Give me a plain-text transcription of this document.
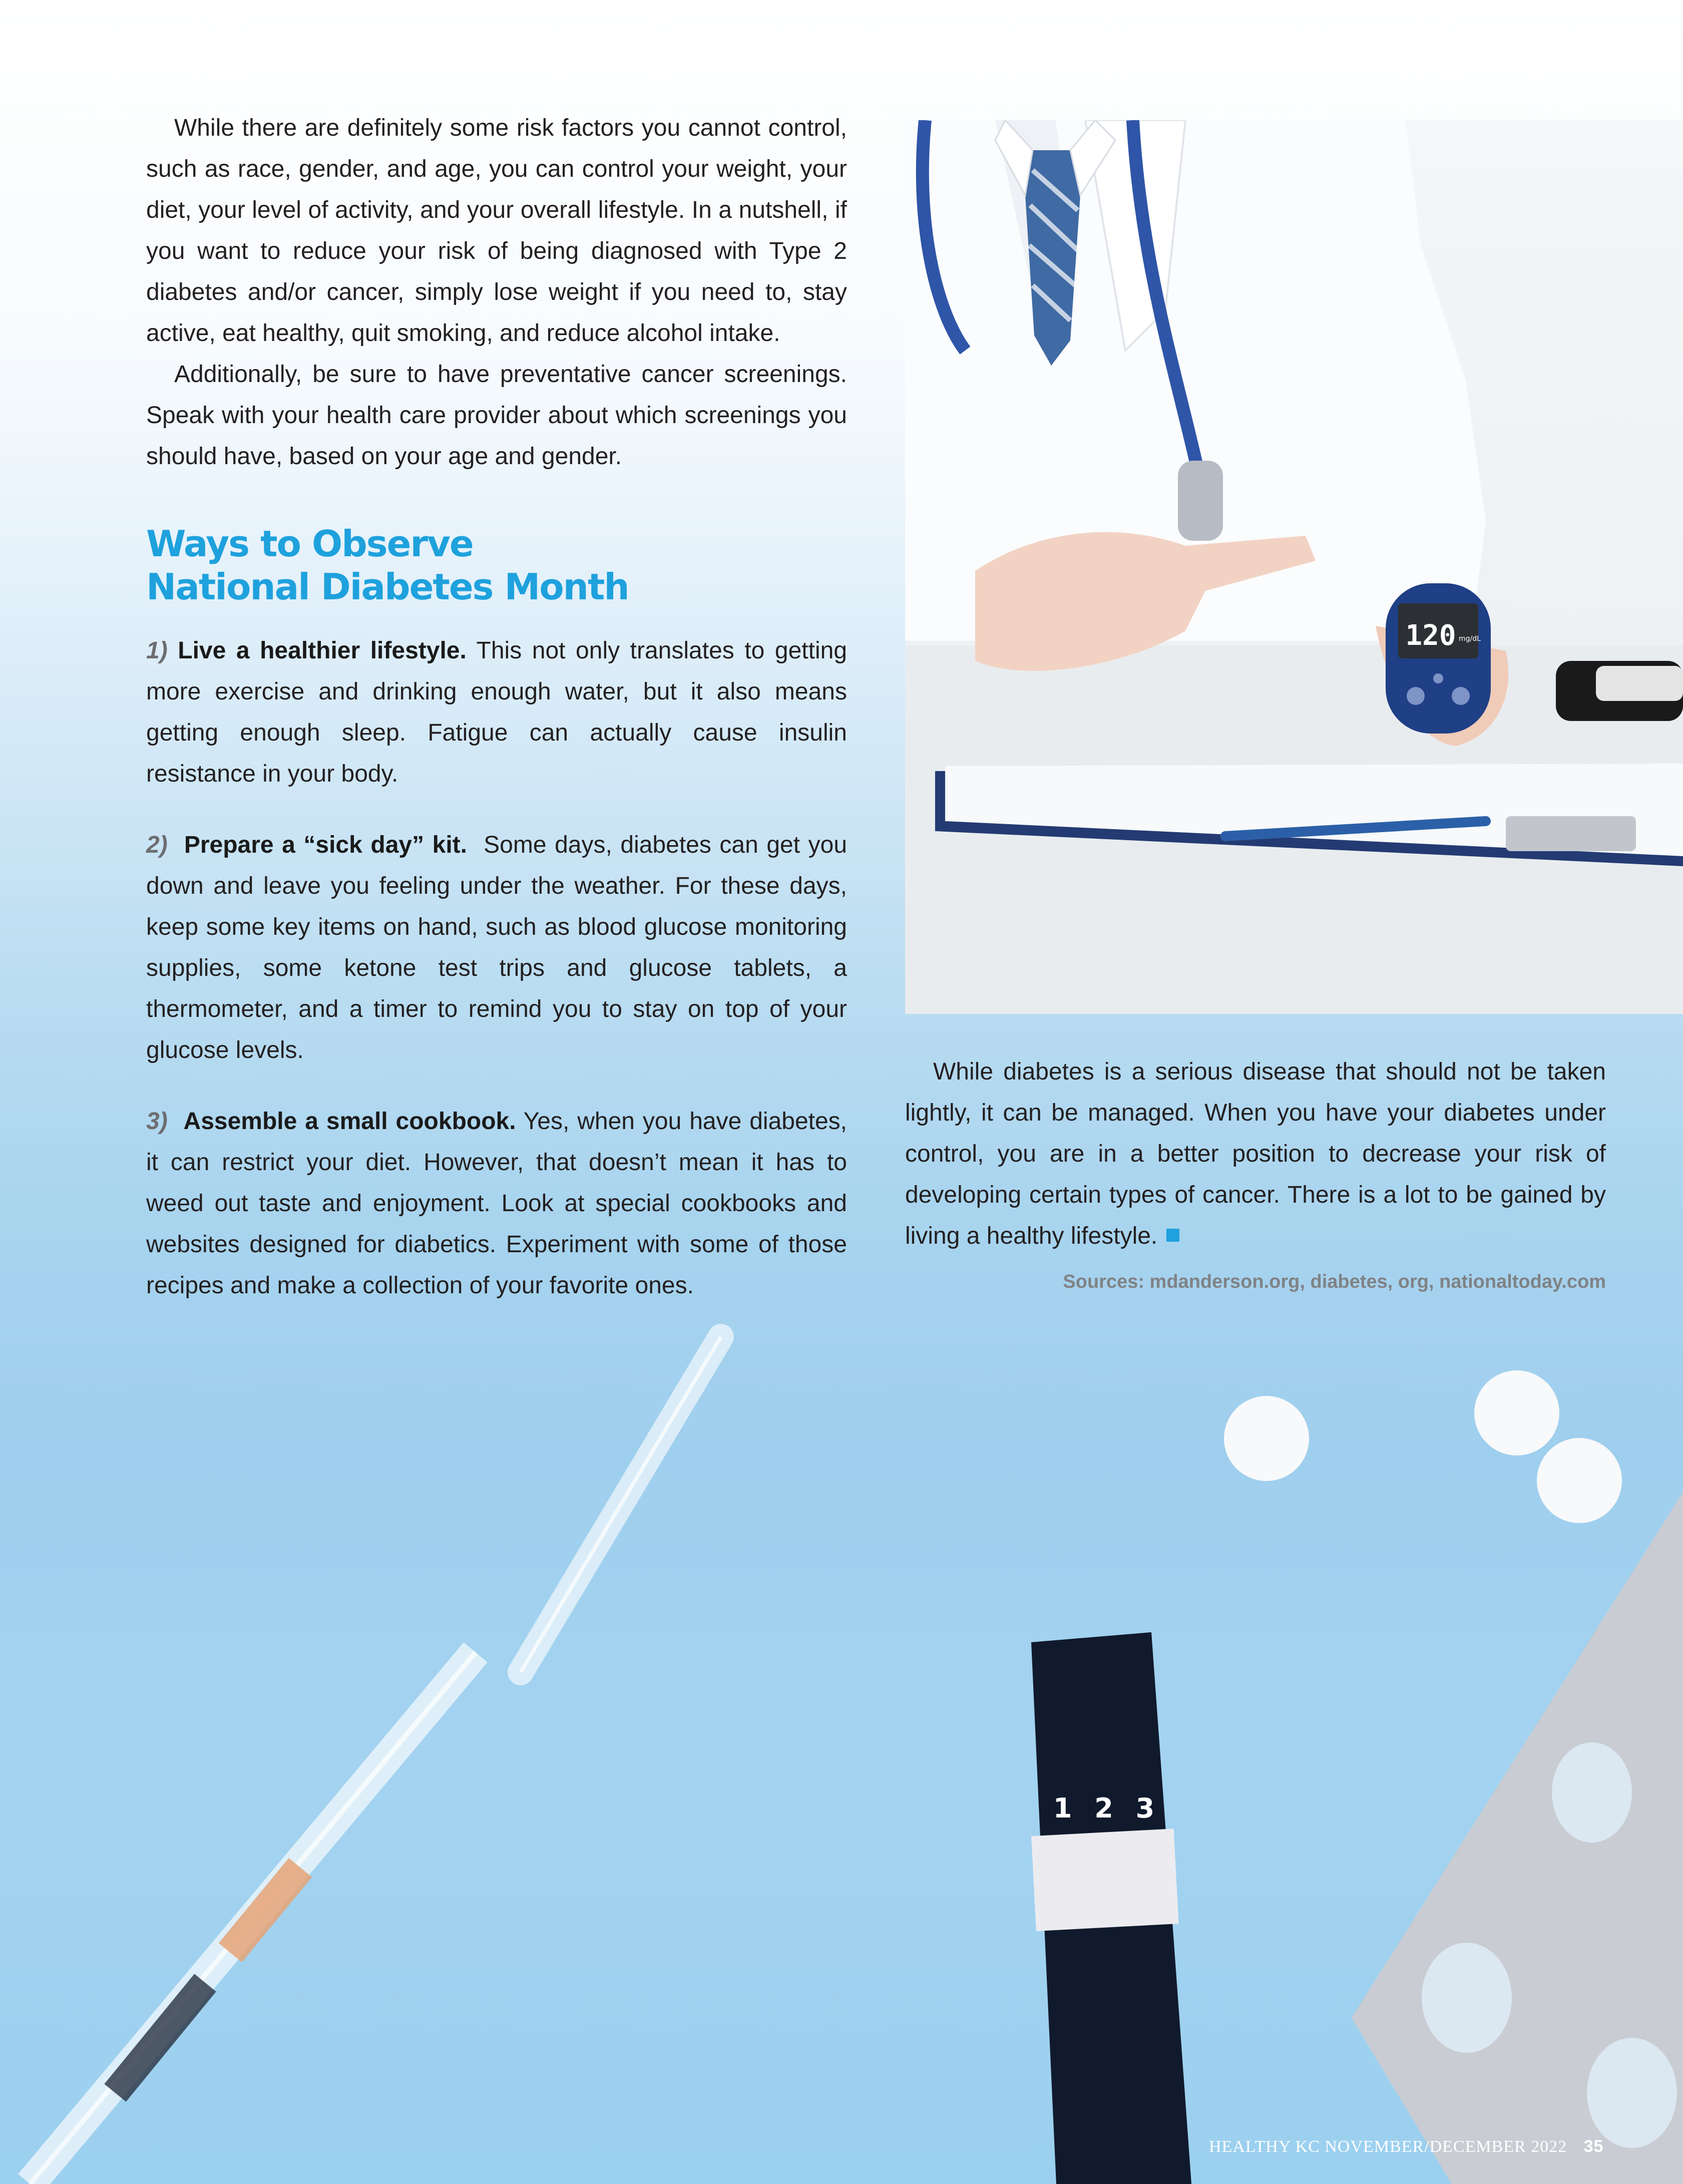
While there are definitely some risk factors you cannot control, such as race, gender, and age, you can control your weight, your diet, your level of activity, and your overall lifestyle. In a nutshell, if you want to reduce your risk of being diagnosed with Type 2 diabetes and/or cancer, simply lose weight if you need to, stay active, eat healthy, quit smoking, and reduce alcohol intake.

Additionally, be sure to have preventative cancer screenings. Speak with your health care provider about which screenings you should have, based on your age and gender.

Ways to Observe
National Diabetes Month

1) Live a healthier lifestyle. This not only translates to getting more exercise and drinking enough water, but it also means getting enough sleep. Fatigue can actually cause insulin resistance in your body.

2) Prepare a “sick day” kit. Some days, diabetes can get you down and leave you feeling under the weather. For these days, keep some key items on hand, such as blood glucose monitoring supplies, some ketone test trips and glucose tablets, a thermometer, and a timer to remind you to stay on top of your glucose levels.

3) Assemble a small cookbook. Yes, when you have diabetes, it can restrict your diet. However, that doesn’t mean it has to weed out taste and enjoyment. Look at special cookbooks and websites designed for diabetics. Experiment with some of those recipes and make a collection of your favorite ones.

120 mg/dL

While diabetes is a serious disease that should not be taken lightly, it can be managed. When you have your diabetes under control, you are in a better position to decrease your risk of developing certain types of cancer. There is a lot to be gained by living a healthy lifestyle.

Sources: mdanderson.org, diabetes, org, nationaltoday.com

1 2 3
HEALTHY KC NOVEMBER/DECEMBER 2022 35
